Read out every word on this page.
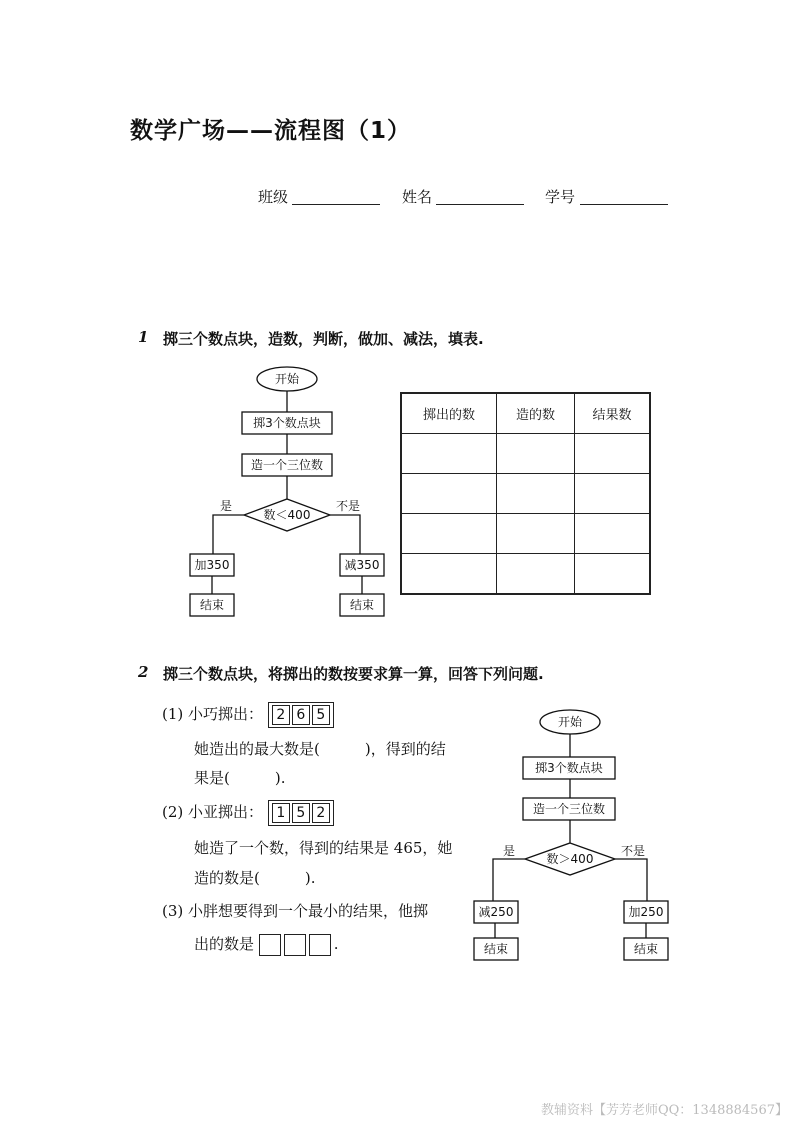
数学广场——流程图（1）
班级	姓名	学号
1 掷三个数点块，造数，判断，做加、减法，填表.
开始
掷3个数点块
造一个三位数
数＜400
是	不是
加350	减350
结束	结束
掷出的数	造的数	结果数

2 掷三个数点块，将掷出的数按要求算一算，回答下列问题.
(1) 小巧掷出： 2 6 5
她造出的最大数是(　　　)，得到的结
果是(　　　).
(2) 小亚掷出： 1 5 2
她造了一个数，得到的结果是 465，她
造的数是(　　　).
(3) 小胖想要得到一个最小的结果，他掷
出的数是	.
开始
掷3个数点块
造一个三位数
数＞400
是	不是
减250	加250
结束	结束
教辅资料【芳芳老师QQ：1348884567】
